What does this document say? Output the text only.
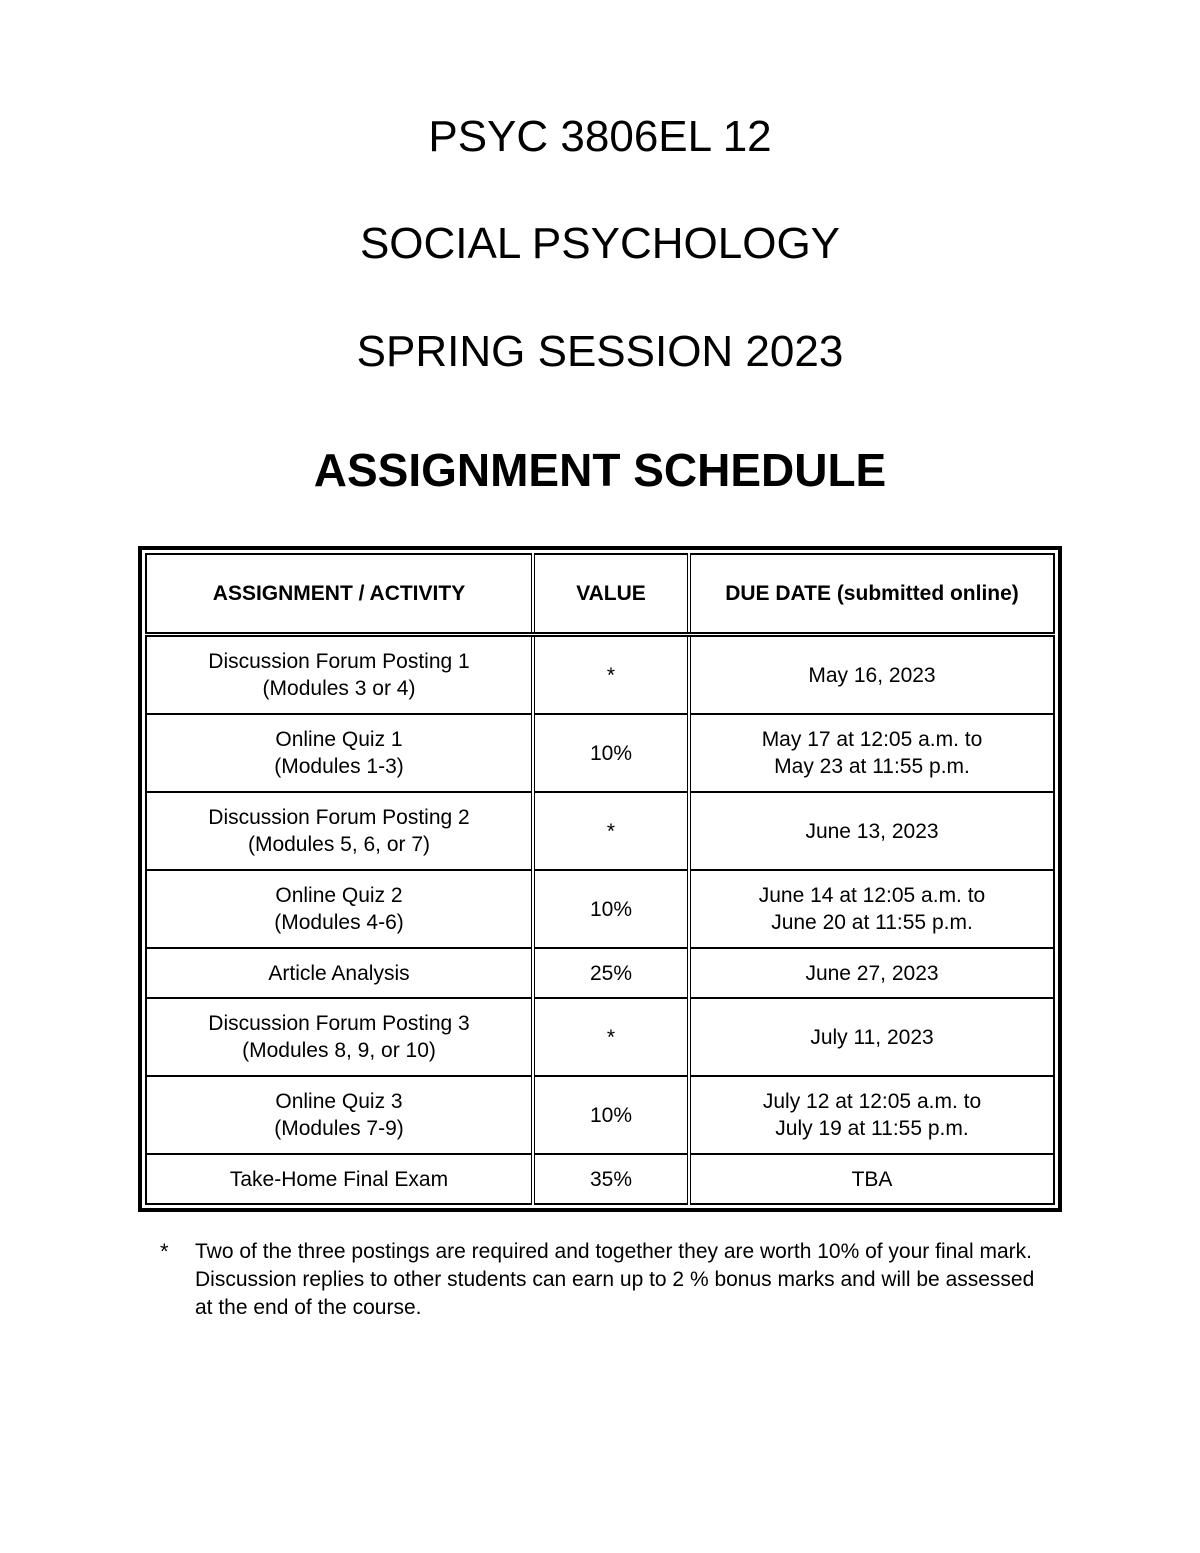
PSYC 3806EL 12
SOCIAL PSYCHOLOGY
SPRING SESSION 2023
ASSIGNMENT SCHEDULE
ASSIGNMENT / ACTIVITY	VALUE	DUE DATE (submitted online)

Discussion Forum Posting 1
(Modules 3 or 4)	*	May 16, 2023

Online Quiz 1
(Modules 1-3)	10%	May 17 at 12:05 a.m. to
May 23 at 11:55 p.m.

Discussion Forum Posting 2
(Modules 5, 6, or 7)	*	June 13, 2023

Online Quiz 2
(Modules 4-6)	10%	June 14 at 12:05 a.m. to
June 20 at 11:55 p.m.

Article Analysis	25%	June 27, 2023

Discussion Forum Posting 3
(Modules 8, 9, or 10)	*	July 11, 2023

Online Quiz 3
(Modules 7-9)	10%	July 12 at 12:05 a.m. to
July 19 at 11:55 p.m.

Take-Home Final Exam	35%	TBA
* Two of the three postings are required and together they are worth 10% of your final mark. Discussion replies to other students can earn up to 2 % bonus marks and will be assessed at the end of the course.
